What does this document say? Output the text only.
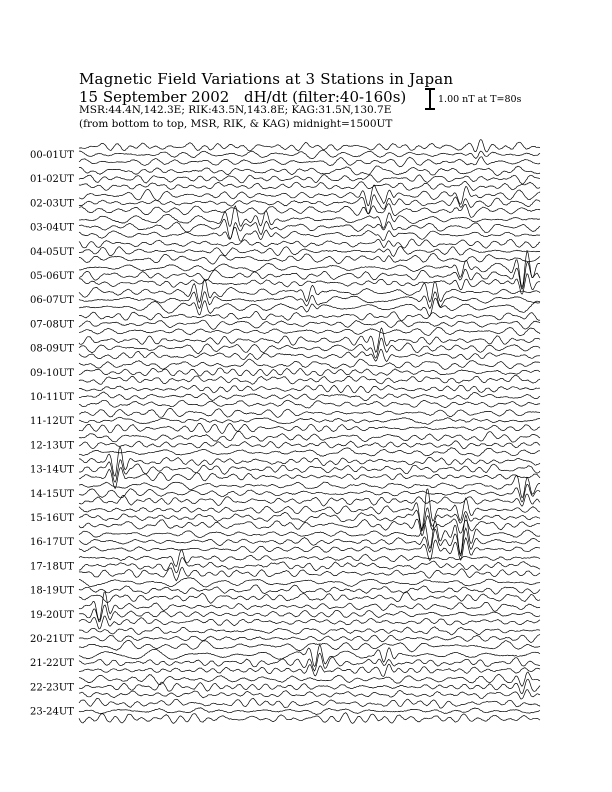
Magnetic Field Variations at 3 Stations in Japan
15 September 2002 dH/dt (filter:40-160s)
MSR:44.4N,142.3E; RIK:43.5N,143.8E; KAG:31.5N,130.7E
(from bottom to top, MSR, RIK, & KAG) midnight=1500UT
1.00 nT at T=80s
00-01UT
01-02UT
02-03UT
03-04UT
04-05UT
05-06UT
06-07UT
07-08UT
08-09UT
09-10UT
10-11UT
11-12UT
12-13UT
13-14UT
14-15UT
15-16UT
16-17UT
17-18UT
18-19UT
19-20UT
20-21UT
21-22UT
22-23UT
23-24UT
